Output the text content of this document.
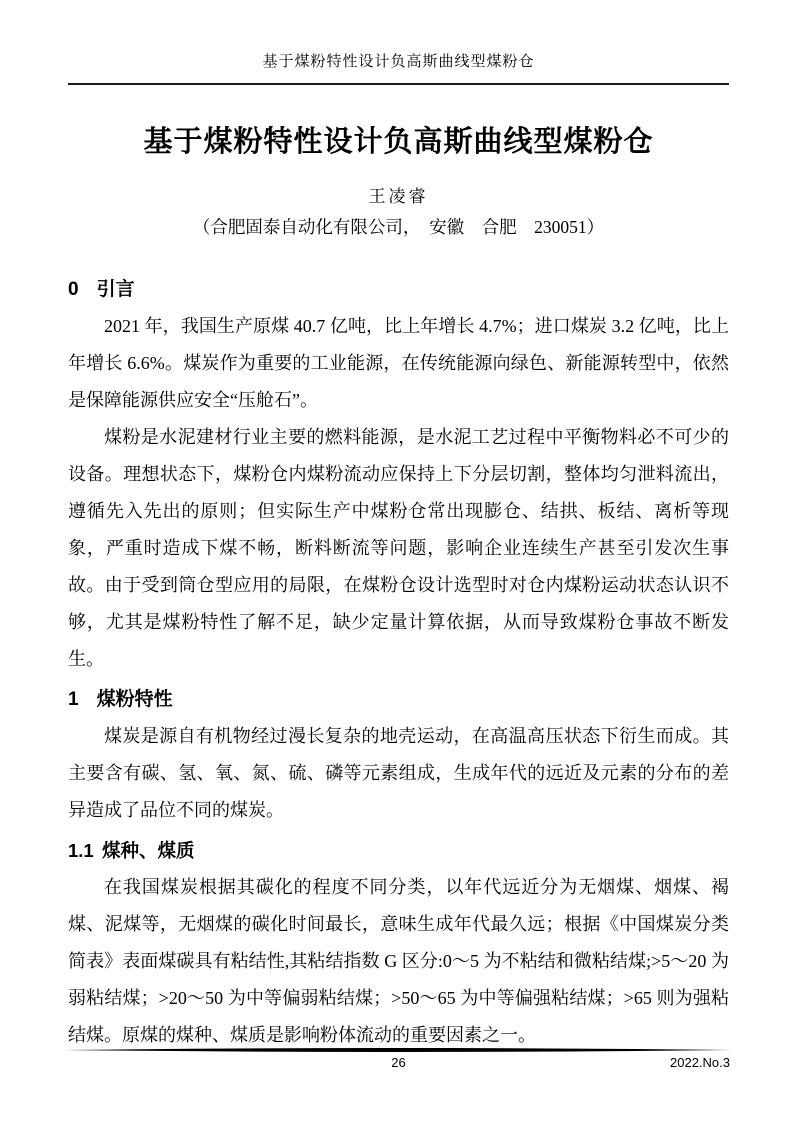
基于煤粉特性设计负高斯曲线型煤粉仓
基于煤粉特性设计负高斯曲线型煤粉仓
王凌睿
（合肥固泰自动化有限公司，　安徽　合肥　230051）
0 引言

2021 年，我国生产原煤 40.7 亿吨，比上年增长 4.7%；进口煤炭 3.2 亿吨，比上年增长 6.6%。煤炭作为重要的工业能源，在传统能源向绿色、新能源转型中，依然是保障能源供应安全“压舱石”。

煤粉是水泥建材行业主要的燃料能源，是水泥工艺过程中平衡物料必不可少的设备。理想状态下，煤粉仓内煤粉流动应保持上下分层切割，整体均匀泄料流出，遵循先入先出的原则；但实际生产中煤粉仓常出现膨仓、结拱、板结、离析等现象，严重时造成下煤不畅，断料断流等问题，影响企业连续生产甚至引发次生事故。由于受到筒仓型应用的局限，在煤粉仓设计选型时对仓内煤粉运动状态认识不够，尤其是煤粉特性了解不足，缺少定量计算依据，从而导致煤粉仓事故不断发生。

1 煤粉特性

煤炭是源自有机物经过漫长复杂的地壳运动，在高温高压状态下衍生而成。其主要含有碳、氢、氧、氮、硫、磷等元素组成，生成年代的远近及元素的分布的差异造成了品位不同的煤炭。

1.1 煤种、煤质

在我国煤炭根据其碳化的程度不同分类，以年代远近分为无烟煤、烟煤、褐煤、泥煤等，无烟煤的碳化时间最长，意味生成年代最久远；根据《中国煤炭分类简表》表面煤碳具有粘结性,其粘结指数 G 区分:0～5 为不粘结和微粘结煤;>5～20 为弱粘结煤；>20～50 为中等偏弱粘结煤；>50～65 为中等偏强粘结煤；>65 则为强粘结煤。原煤的煤种、煤质是影响粉体流动的重要因素之一。

26	2022.No.3
